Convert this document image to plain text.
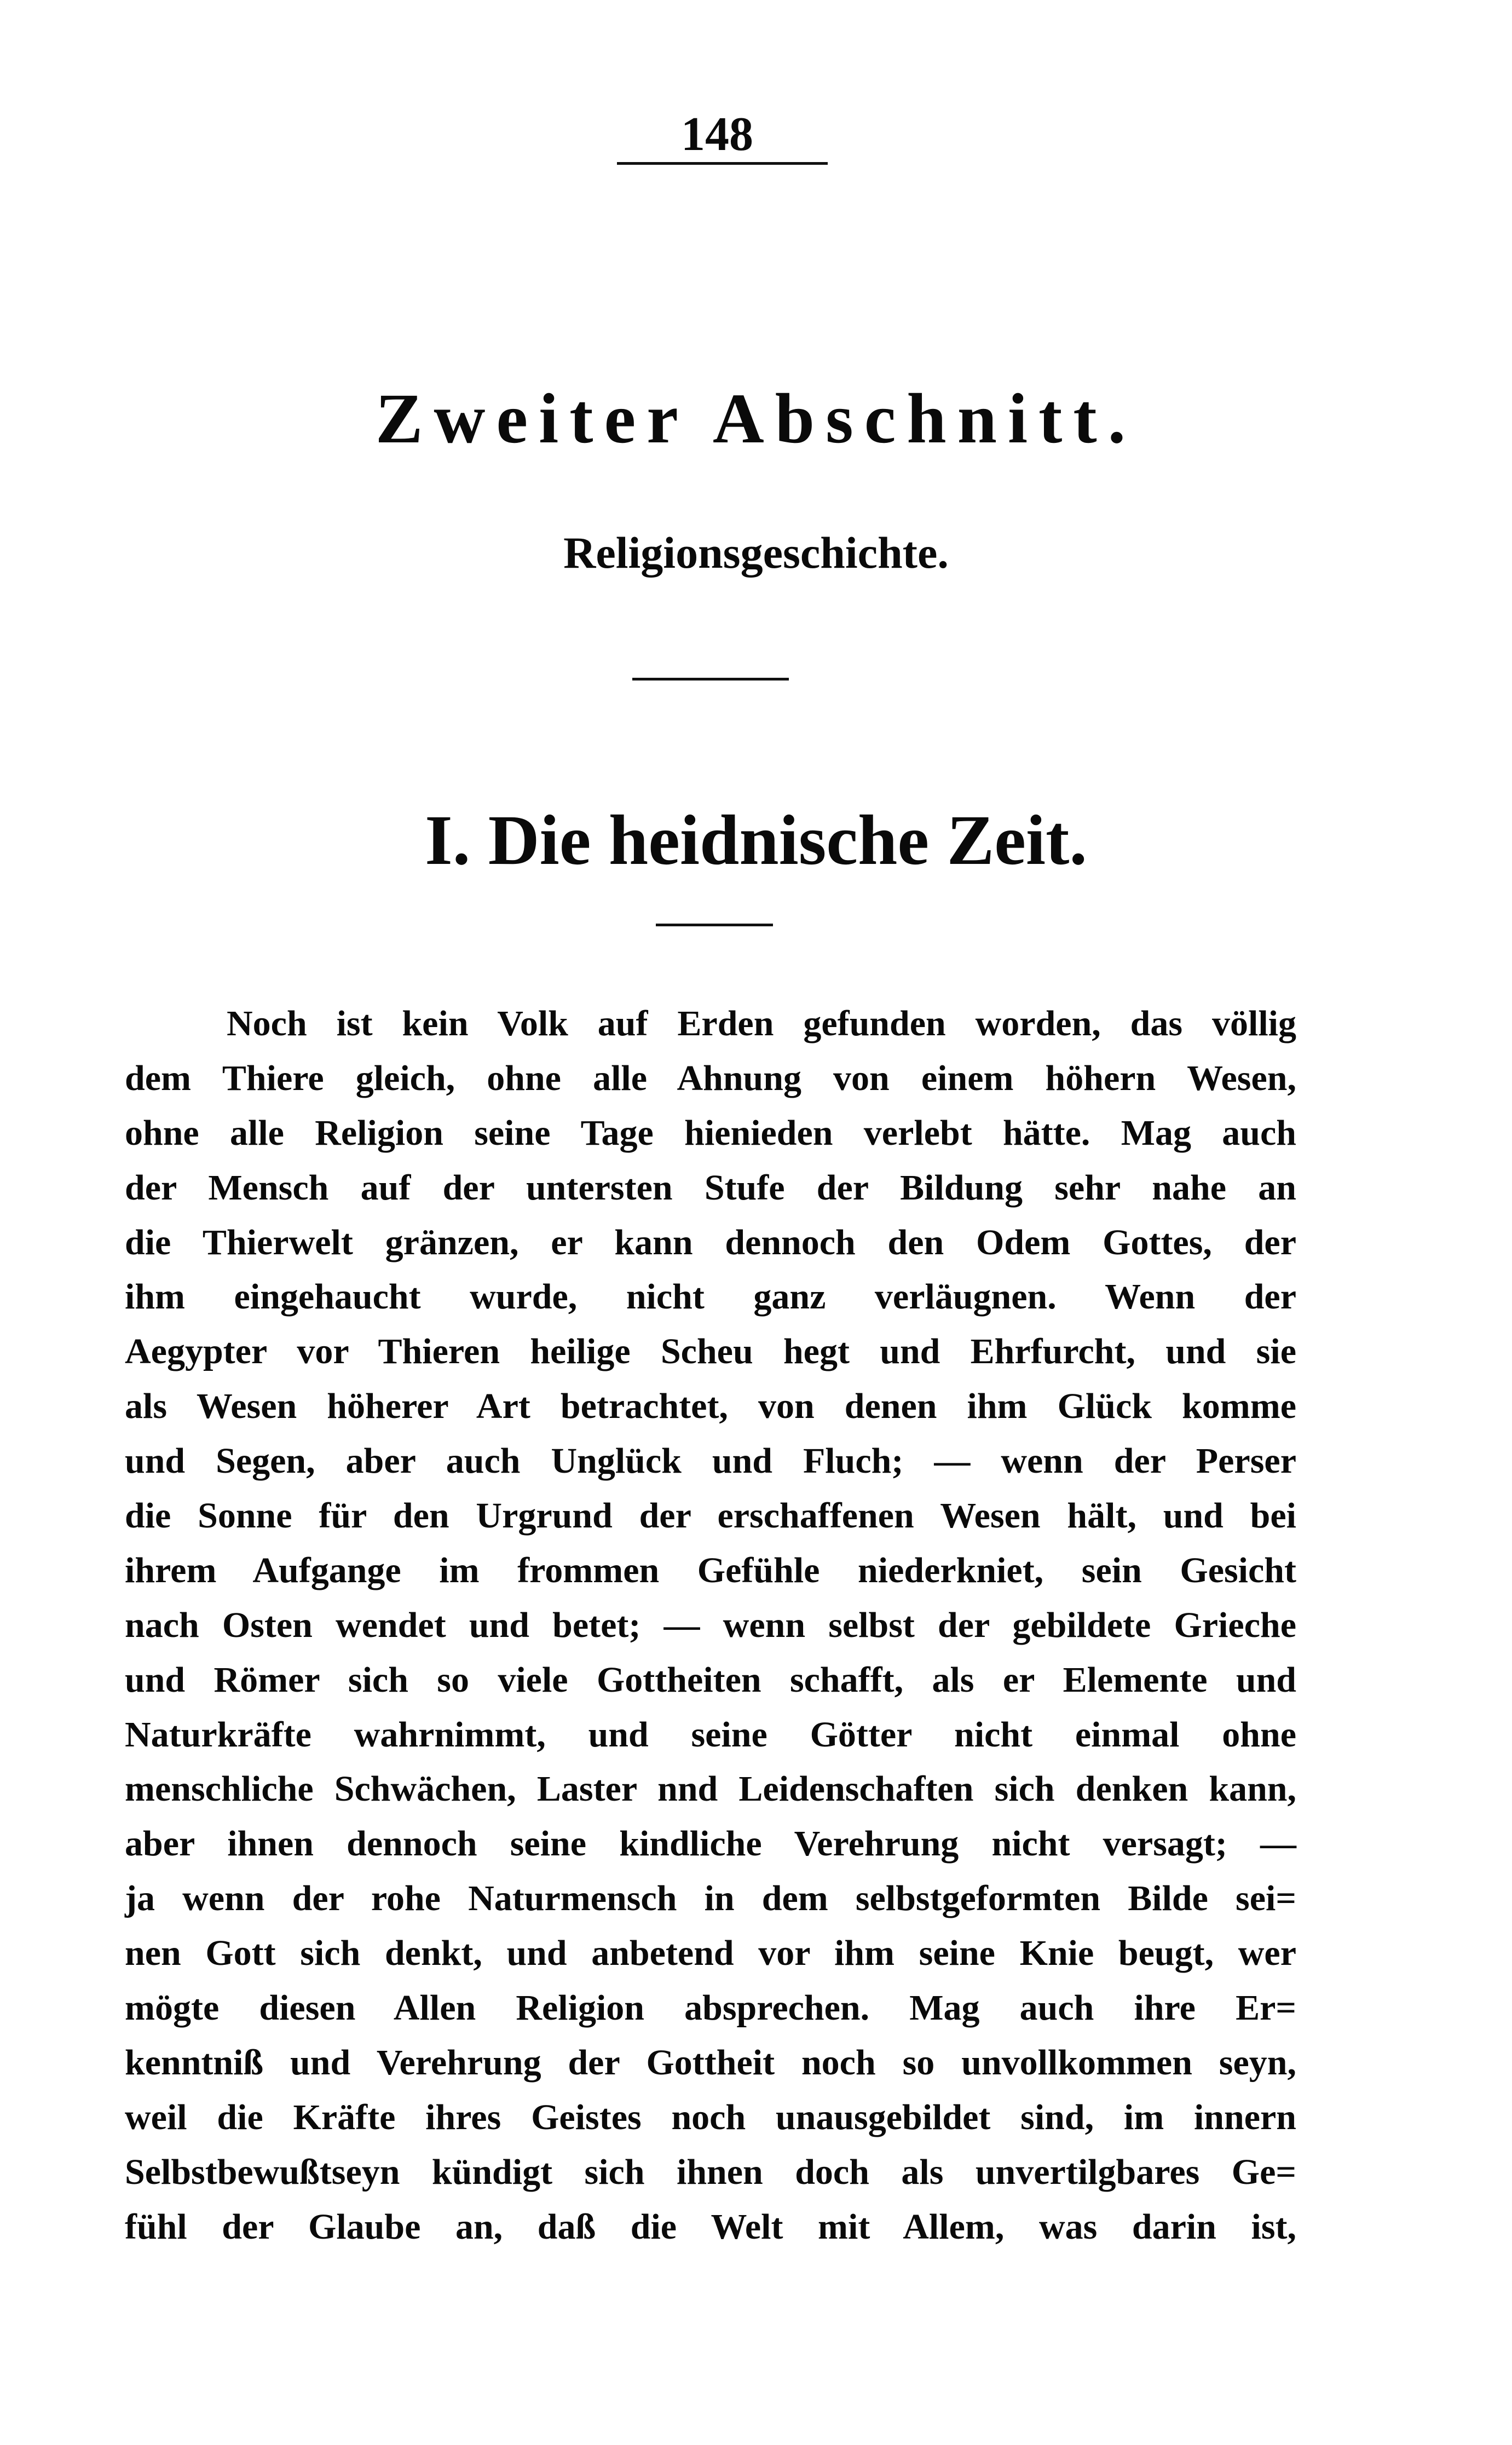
148
Zweiter Abschnitt.
Religionsgeschichte.
I. Die heidnische Zeit.
Noch ist kein Volk auf Erden gefunden worden, das völlig
dem Thiere gleich, ohne alle Ahnung von einem höhern Wesen,
ohne alle Religion seine Tage hienieden verlebt hätte. Mag auch
der Mensch auf der untersten Stufe der Bildung sehr nahe an
die Thierwelt gränzen, er kann dennoch den Odem Gottes, der
ihm eingehaucht wurde, nicht ganz verläugnen. Wenn der
Aegypter vor Thieren heilige Scheu hegt und Ehrfurcht, und sie
als Wesen höherer Art betrachtet, von denen ihm Glück komme
und Segen, aber auch Unglück und Fluch; — wenn der Perser
die Sonne für den Urgrund der erschaffenen Wesen hält, und bei
ihrem Aufgange im frommen Gefühle niederkniet, sein Gesicht
nach Osten wendet und betet; — wenn selbst der gebildete Grieche
und Römer sich so viele Gottheiten schafft, als er Elemente und
Naturkräfte wahrnimmt, und seine Götter nicht einmal ohne
menschliche Schwächen, Laster nnd Leidenschaften sich denken kann,
aber ihnen dennoch seine kindliche Verehrung nicht versagt; —
ja wenn der rohe Naturmensch in dem selbstgeformten Bilde sei=
nen Gott sich denkt, und anbetend vor ihm seine Knie beugt, wer
mögte diesen Allen Religion absprechen. Mag auch ihre Er=
kenntniß und Verehrung der Gottheit noch so unvollkommen seyn,
weil die Kräfte ihres Geistes noch unausgebildet sind, im innern
Selbstbewußtseyn kündigt sich ihnen doch als unvertilgbares Ge=
fühl der Glaube an, daß die Welt mit Allem, was darin ist,
